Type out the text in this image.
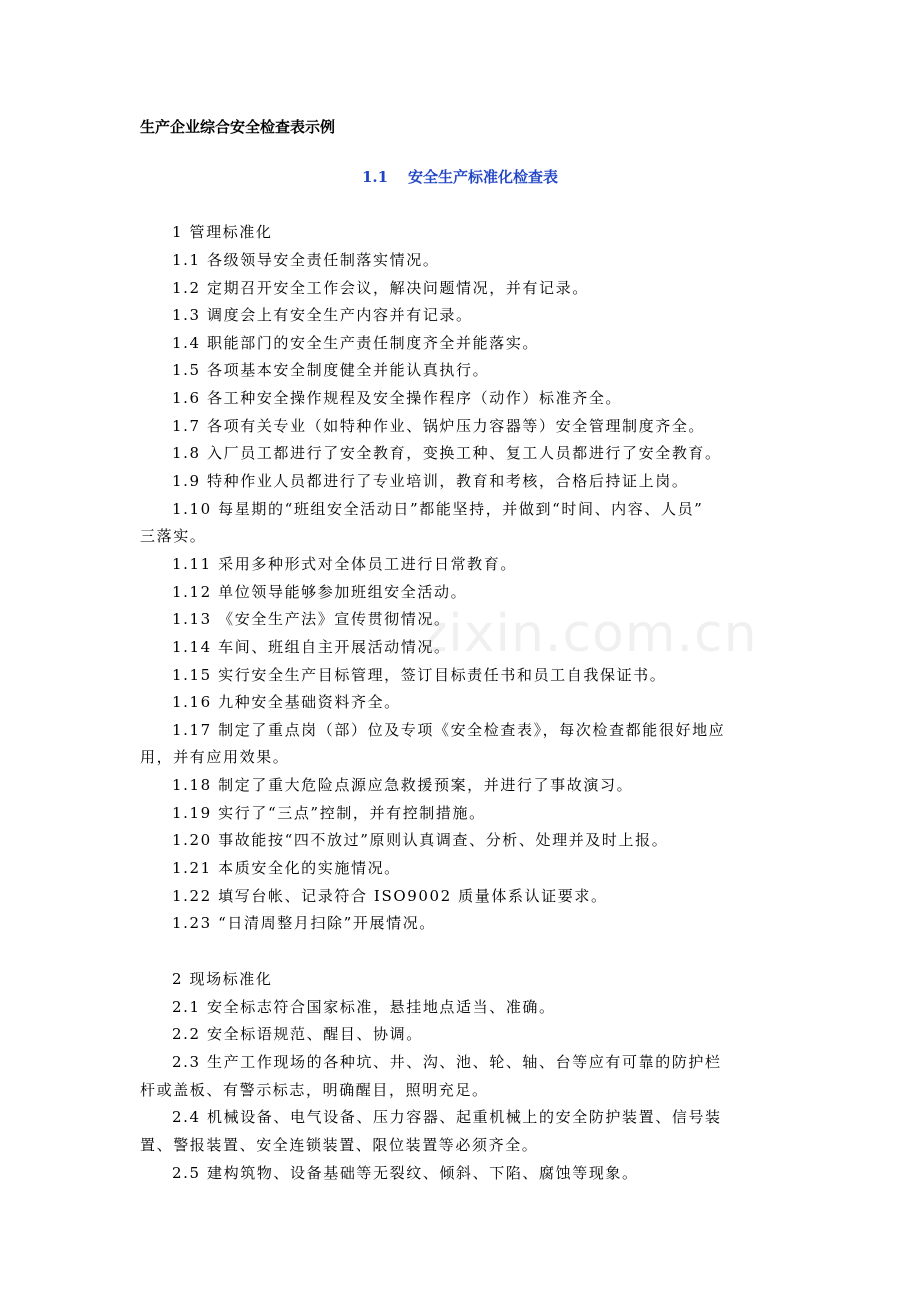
生产企业综合安全检查表示例
1.1 安全生产标准化检查表
zixin.com.cn
1 管理标准化
1.1 各级领导安全责任制落实情况。
1.2 定期召开安全工作会议，解决问题情况，并有记录。
1.3 调度会上有安全生产内容并有记录。
1.4 职能部门的安全生产责任制度齐全并能落实。
1.5 各项基本安全制度健全并能认真执行。
1.6 各工种安全操作规程及安全操作程序（动作）标准齐全。
1.7 各项有关专业（如特种作业、锅炉压力容器等）安全管理制度齐全。
1.8 入厂员工都进行了安全教育，变换工种、复工人员都进行了安全教育。
1.9 特种作业人员都进行了专业培训，教育和考核，合格后持证上岗。
1.10 每星期的“班组安全活动日”都能坚持，并做到“时间、内容、人员”
三落实。
1.11 采用多种形式对全体员工进行日常教育。
1.12 单位领导能够参加班组安全活动。
1.13 《安全生产法》宣传贯彻情况。
1.14 车间、班组自主开展活动情况。
1.15 实行安全生产目标管理，签订目标责任书和员工自我保证书。
1.16 九种安全基础资料齐全。
1.17 制定了重点岗（部）位及专项《安全检查表》，每次检查都能很好地应
用，并有应用效果。
1.18 制定了重大危险点源应急救援预案，并进行了事故演习。
1.19 实行了“三点”控制，并有控制措施。
1.20 事故能按“四不放过”原则认真调查、分析、处理并及时上报。
1.21 本质安全化的实施情况。
1.22 填写台帐、记录符合 ISO9002 质量体系认证要求。
1.23 “日清周整月扫除”开展情况。
2 现场标准化
2.1 安全标志符合国家标准，悬挂地点适当、准确。
2.2 安全标语规范、醒目、协调。
2.3 生产工作现场的各种坑、井、沟、池、轮、轴、台等应有可靠的防护栏
杆或盖板、有警示标志，明确醒目，照明充足。
2.4 机械设备、电气设备、压力容器、起重机械上的安全防护装置、信号装
置、警报装置、安全连锁装置、限位装置等必须齐全。
2.5 建构筑物、设备基础等无裂纹、倾斜、下陷、腐蚀等现象。
